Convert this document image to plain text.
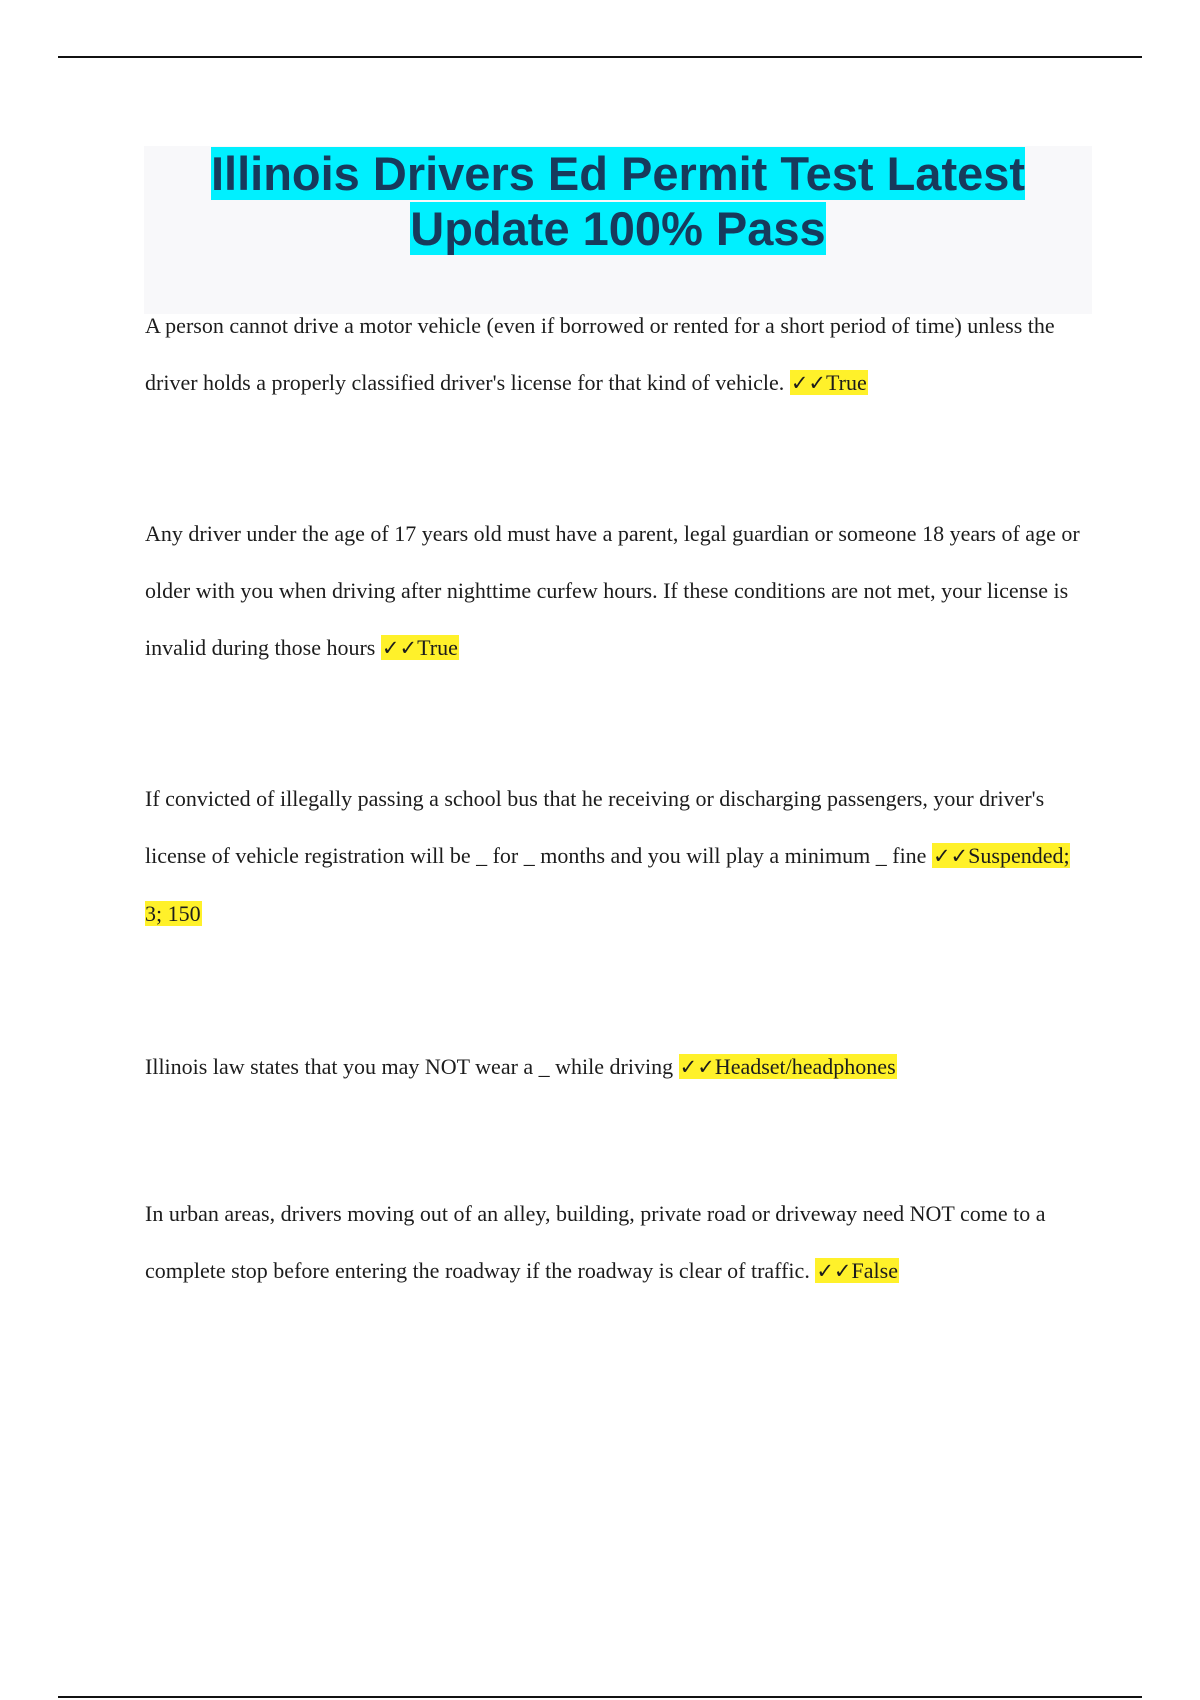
Illinois Drivers Ed Permit Test Latest Update 100% Pass

A person cannot drive a motor vehicle (even if borrowed or rented for a short period of time) unless the driver holds a properly classified driver's license for that kind of vehicle. ✓✓True

Any driver under the age of 17 years old must have a parent, legal guardian or someone 18 years of age or older with you when driving after nighttime curfew hours. If these conditions are not met, your license is invalid during those hours ✓✓True

If convicted of illegally passing a school bus that he receiving or discharging passengers, your driver's license of vehicle registration will be _ for _ months and you will play a minimum _ fine ✓✓Suspended; 3; 150

Illinois law states that you may NOT wear a _ while driving ✓✓Headset/headphones

In urban areas, drivers moving out of an alley, building, private road or driveway need NOT come to a complete stop before entering the roadway if the roadway is clear of traffic. ✓✓False
